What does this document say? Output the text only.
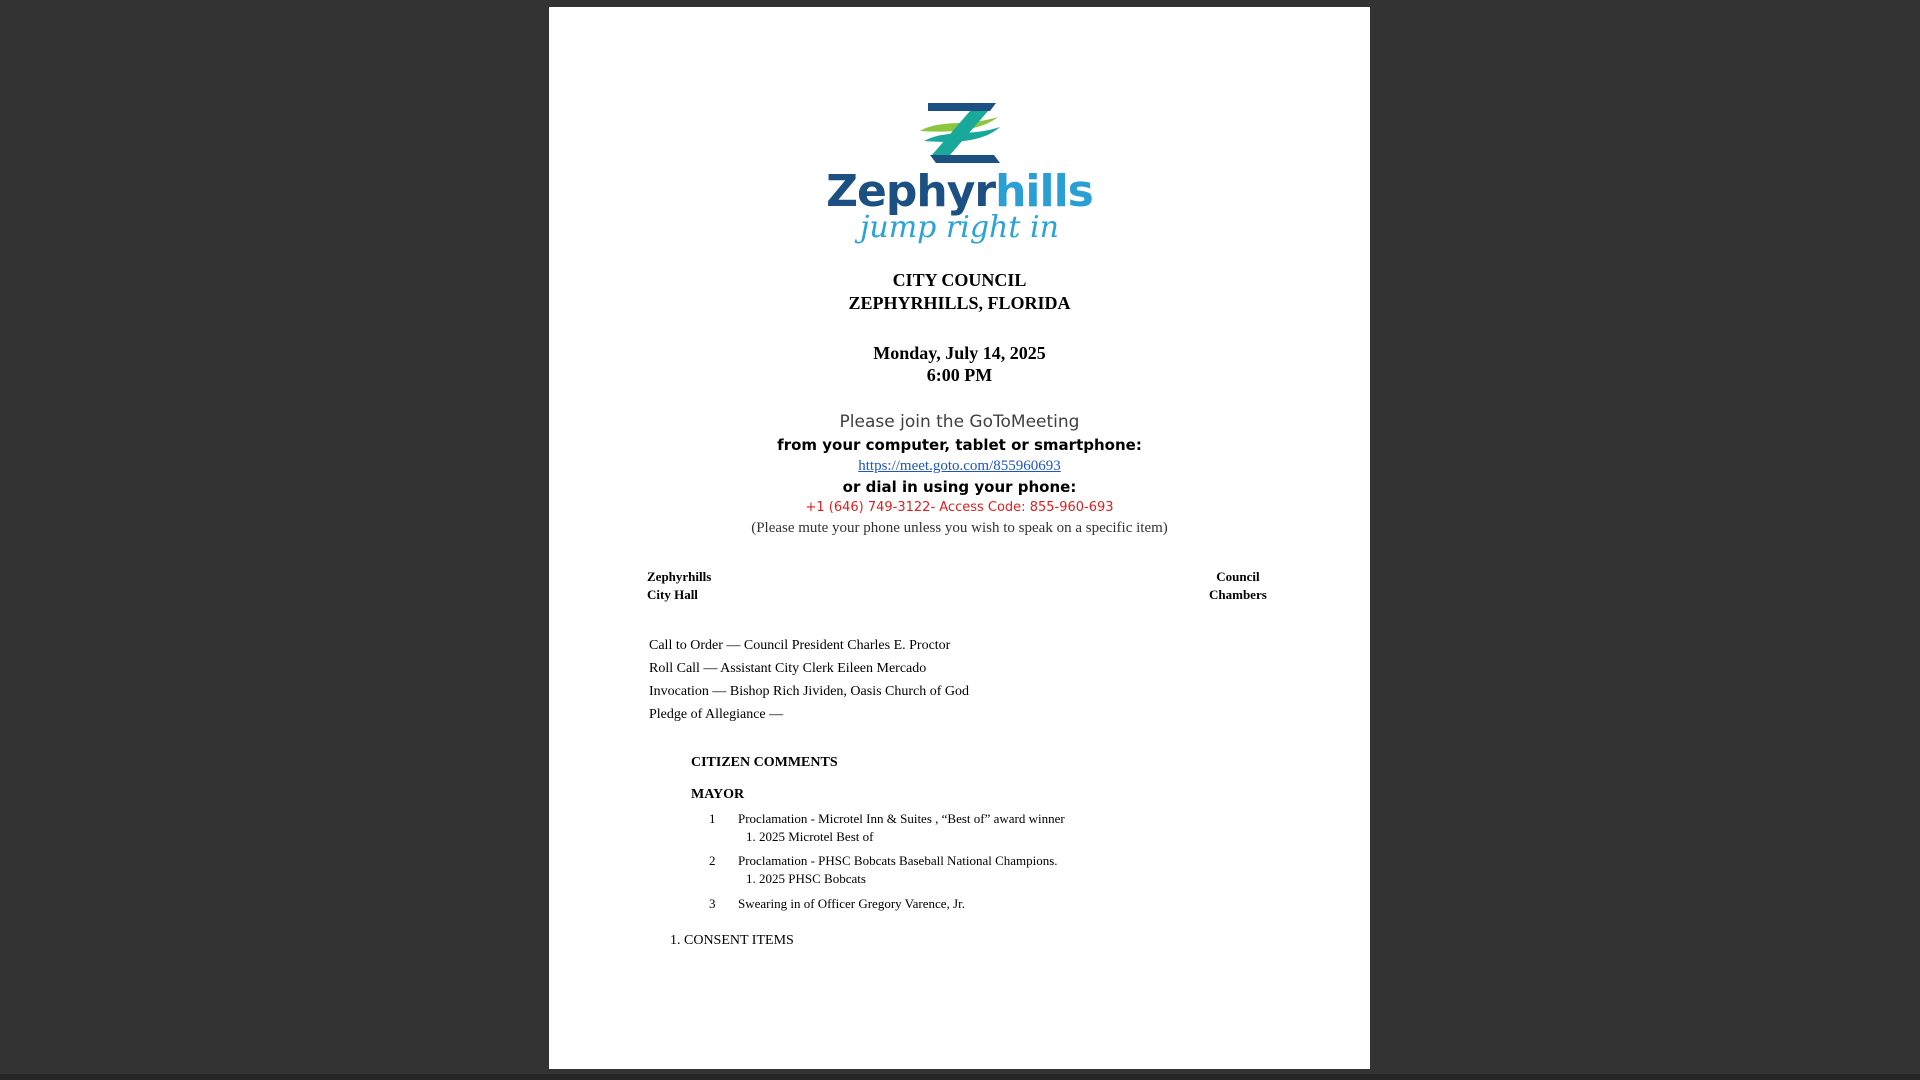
Zephyrhills
jump right in
CITY COUNCIL
ZEPHYRHILLS, FLORIDA
Monday, July 14, 2025
6:00 PM
Please join the GoToMeeting
from your computer, tablet or smartphone:
https://meet.goto.com/855960693
or dial in using your phone:
+1 (646) 749-3122- Access Code: 855-960-693
(Please mute your phone unless you wish to speak on a specific item)
Zephyrhills
City Hall
Council
Chambers
Call to Order — Council President Charles E. Proctor
Roll Call — Assistant City Clerk Eileen Mercado
Invocation — Bishop Rich Jividen, Oasis Church of God
Pledge of Allegiance —
CITIZEN COMMENTS
MAYOR
1 Proclamation - Microtel Inn & Suites , “Best of” award winner
1. 2025 Microtel Best of
2 Proclamation - PHSC Bobcats Baseball National Champions.
1. 2025 PHSC Bobcats
3 Swearing in of Officer Gregory Varence, Jr.
1. CONSENT ITEMS
